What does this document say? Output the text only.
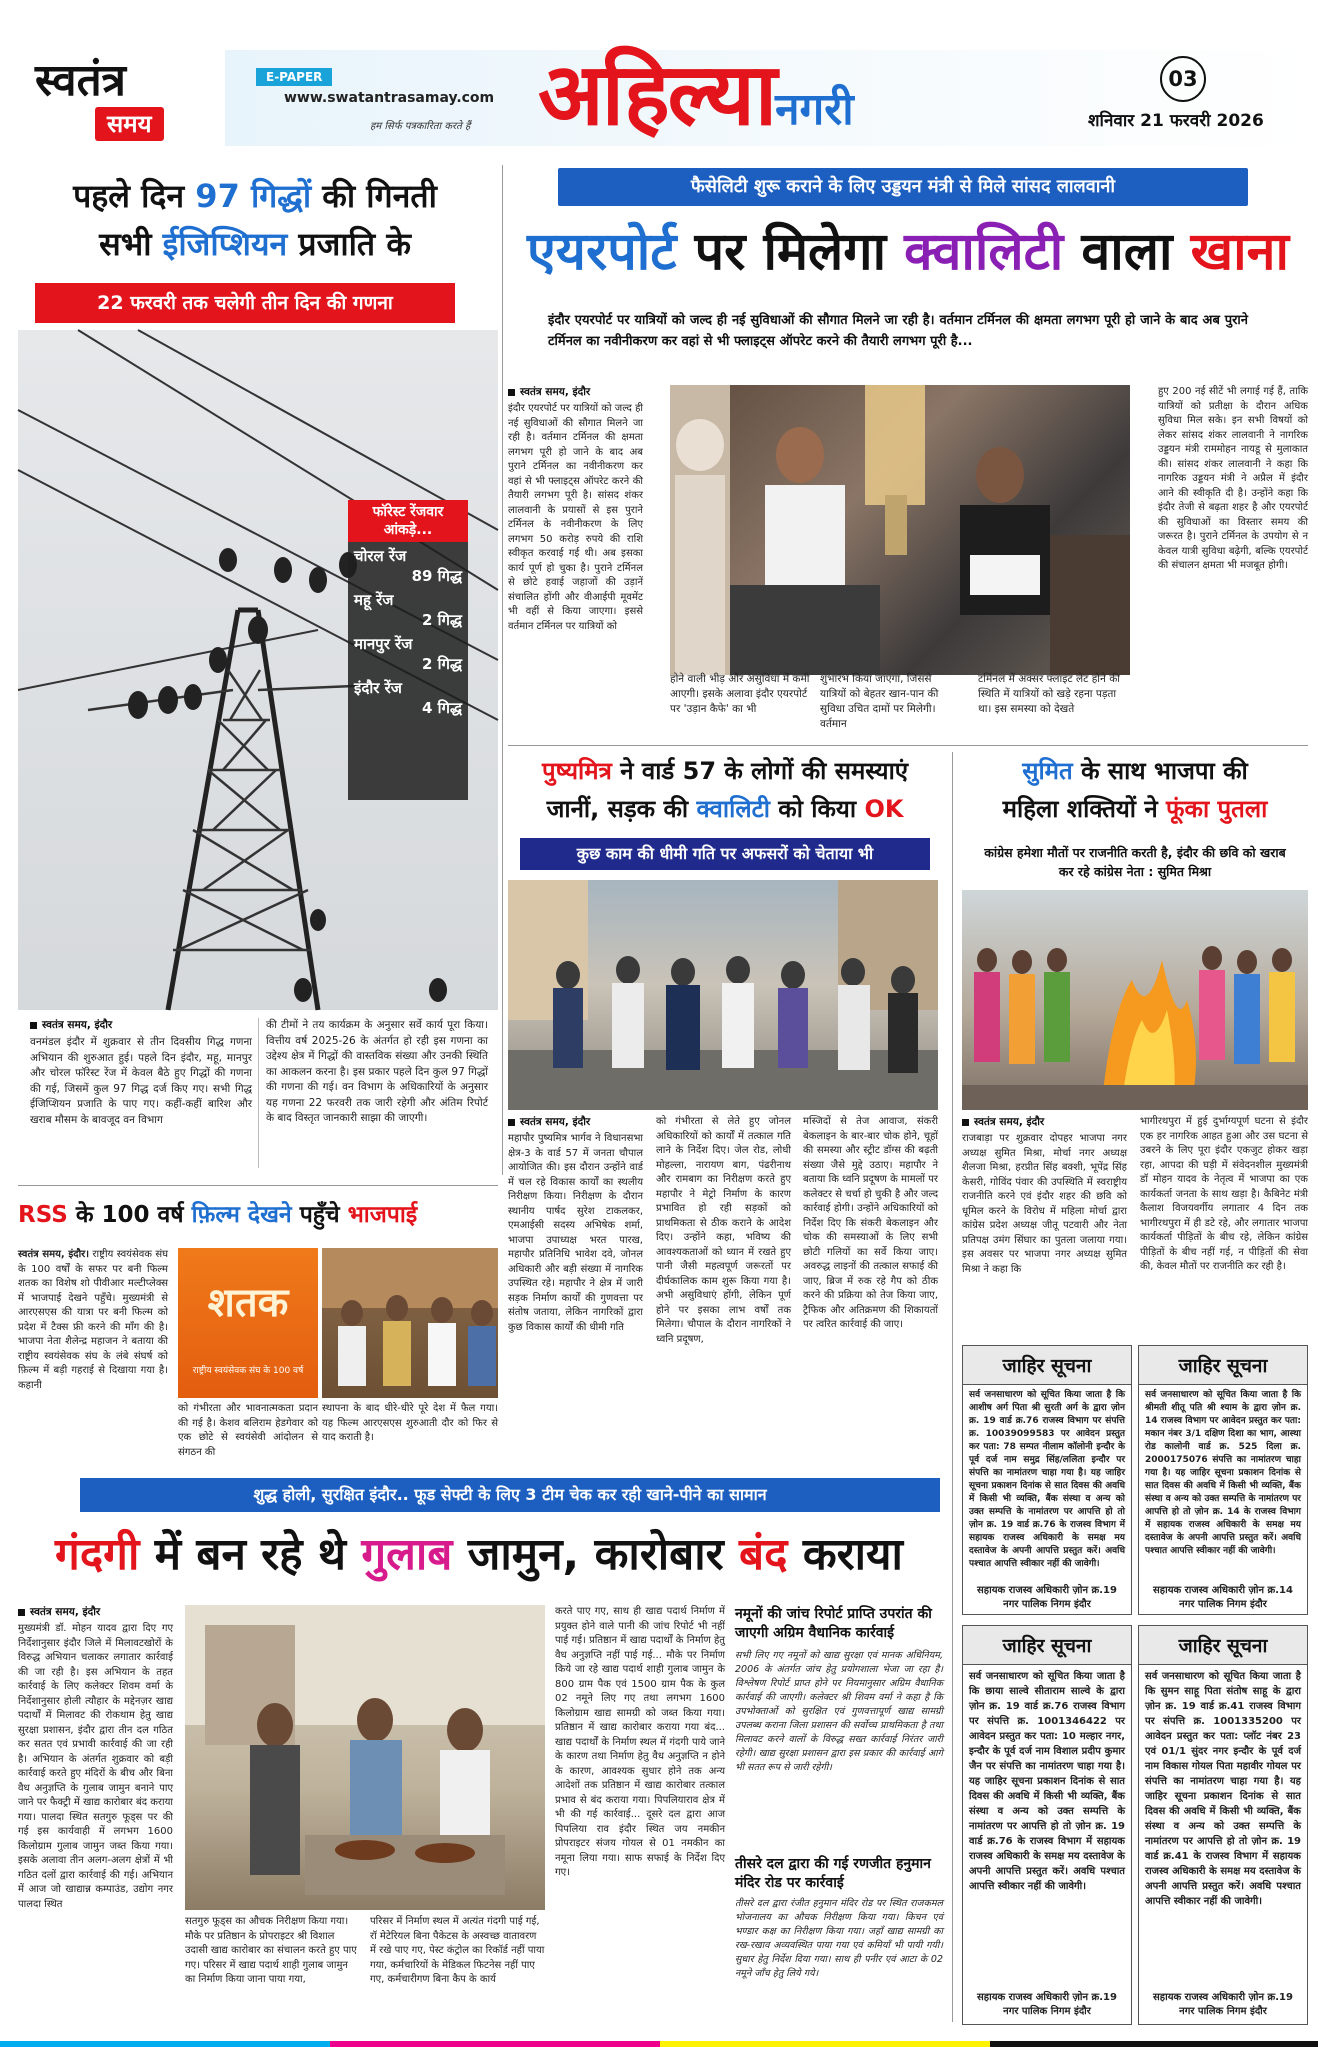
स्वतंत्र
समय
E-PAPER
www.swatantrasamay.com
हम सिर्फ पत्रकारिता करते हैं अहिल्यानगरी
03
शनिवार 21 फरवरी 2026
पहले दिन 97 गिद्धों की गिनती
सभी ईजिप्शियन प्रजाति के
22 फरवरी तक चलेगी तीन दिन की गणना
फॉरेस्ट रेंजवार आंकड़े...
चोरल रेंज
89 गिद्ध
महू रेंज
2 गिद्ध
मानपुर रेंज
2 गिद्ध
इंदौर रेंज
4 गिद्ध
स्वतंत्र समय, इंदौर
वनमंडल इंदौर में शुक्रवार से तीन दिवसीय गिद्ध गणना अभियान की शुरुआत हुई। पहले दिन इंदौर, महू, मानपुर और चोरल फॉरेस्ट रेंज में केवल बैठे हुए गिद्धों की गणना की गई, जिसमें कुल 97 गिद्ध दर्ज किए गए। सभी गिद्ध ईजिप्शियन प्रजाति के पाए गए। कहीं-कहीं बारिश और खराब मौसम के बावजूद वन विभाग
की टीमों ने तय कार्यक्रम के अनुसार सर्वे कार्य पूरा किया। वित्तीय वर्ष 2025-26 के अंतर्गत हो रही इस गणना का उद्देश्य क्षेत्र में गिद्धों की वास्तविक संख्या और उनकी स्थिति का आकलन करना है। इस प्रकार पहले दिन कुल 97 गिद्धों की गणना की गई। वन विभाग के अधिकारियों के अनुसार यह गणना 22 फरवरी तक जारी रहेगी और अंतिम रिपोर्ट के बाद विस्तृत जानकारी साझा की जाएगी।
फैसेलिटी शुरू कराने के लिए उड्डयन मंत्री से मिले सांसद लालवानी
एयरपोर्ट पर मिलेगा क्वालिटी वाला खाना
इंदौर एयरपोर्ट पर यात्रियों को जल्द ही नई सुविधाओं की सौगात मिलने जा रही है। वर्तमान टर्मिनल की क्षमता लगभग पूरी हो जाने के बाद अब पुराने टर्मिनल का नवीनीकरण कर वहां से भी फ्लाइट्स ऑपरेट करने की तैयारी लगभग पूरी है...
स्वतंत्र समय, इंदौर
इंदौर एयरपोर्ट पर यात्रियों को जल्द ही नई सुविधाओं की सौगात मिलने जा रही है। वर्तमान टर्मिनल की क्षमता लगभग पूरी हो जाने के बाद अब पुराने टर्मिनल का नवीनीकरण कर वहां से भी फ्लाइट्स ऑपरेट करने की तैयारी लगभग पूरी है। सांसद शंकर लालवानी के प्रयासों से इस पुराने टर्मिनल के नवीनीकरण के लिए लगभग 50 करोड़ रुपये की राशि स्वीकृत करवाई गई थी। अब इसका कार्य पूर्ण हो चुका है। पुराने टर्मिनल से छोटे हवाई जहाजों की उड़ानें संचालित होंगी और वीआईपी मूवमेंट भी वहीं से किया जाएगा। इससे वर्तमान टर्मिनल पर यात्रियों को
होने वाली भीड़ और असुविधा में कमी आएगी। इसके अलावा इंदौर एयरपोर्ट पर 'उड़ान कैफे' का भी
शुभारंभ किया जाएगा, जिससे यात्रियों को बेहतर खान-पान की सुविधा उचित दामों पर मिलेगी। वर्तमान
टर्मिनल में अक्सर फ्लाइट लेट होने की स्थिति में यात्रियों को खड़े रहना पड़ता था। इस समस्या को देखते
हुए 200 नई सीटें भी लगाई गई हैं, ताकि यात्रियों को प्रतीक्षा के दौरान अधिक सुविधा मिल सके। इन सभी विषयों को लेकर सांसद शंकर लालवानी ने नागरिक उड्डयन मंत्री राममोहन नायडू से मुलाकात की। सांसद शंकर लालवानी ने कहा कि नागरिक उड्डयन मंत्री ने अप्रैल में इंदौर आने की स्वीकृति दी है। उन्होंने कहा कि इंदौर तेजी से बढ़ता शहर है और एयरपोर्ट की सुविधाओं का विस्तार समय की जरूरत है। पुराने टर्मिनल के उपयोग से न केवल यात्री सुविधा बढ़ेगी, बल्कि एयरपोर्ट की संचालन क्षमता भी मजबूत होगी।
पुष्यमित्र ने वार्ड 57 के लोगों की समस्याएं
जानीं, सड़क की क्वालिटी को किया OK
कुछ काम की धीमी गति पर अफसरों को चेताया भी
स्वतंत्र समय, इंदौर
महापौर पुष्यमित्र भार्गव ने विधानसभा क्षेत्र-3 के वार्ड 57 में जनता चौपाल आयोजित की। इस दौरान उन्होंने वार्ड में चल रहे विकास कार्यों का स्थलीय निरीक्षण किया। निरीक्षण के दौरान स्थानीय पार्षद सुरेश टाकलकर, एमआईसी सदस्य अभिषेक शर्मा, भाजपा उपाध्यक्ष भरत पारख, महापौर प्रतिनिधि भावेश दवे, जोनल अधिकारी और बड़ी संख्या में नागरिक उपस्थित रहे। महापौर ने क्षेत्र में जारी सड़क निर्माण कार्यों की गुणवत्ता पर संतोष जताया, लेकिन नागरिकों द्वारा कुछ विकास कार्यों की धीमी गति
को गंभीरता से लेते हुए जोनल अधिकारियों को कार्यों में तत्काल गति लाने के निर्देश दिए। जेल रोड, लोधी मोहल्ला, नारायण बाग, पंढरीनाथ और रामबाग का निरीक्षण करते हुए महापौर ने मेट्रो निर्माण के कारण प्रभावित हो रही सड़कों को प्राथमिकता से ठीक कराने के आदेश दिए। उन्होंने कहा, भविष्य की आवश्यकताओं को ध्यान में रखते हुए पानी जैसी महत्वपूर्ण जरूरतों पर दीर्घकालिक काम शुरू किया गया है। अभी असुविधाएं होंगी, लेकिन पूर्ण होने पर इसका लाभ वर्षों तक मिलेगा। चौपाल के दौरान नागरिकों ने ध्वनि प्रदूषण,
मस्जिदों से तेज आवाज, संकरी बेकलाइन के बार-बार चोक होने, चूहों की समस्या और स्ट्रीट डॉग्स की बढ़ती संख्या जैसे मुद्दे उठाए। महापौर ने बताया कि ध्वनि प्रदूषण के मामलों पर कलेक्टर से चर्चा हो चुकी है और जल्द कार्रवाई होगी। उन्होंने अधिकारियों को निर्देश दिए कि संकरी बेकलाइन और चोक की समस्याओं के लिए सभी छोटी गलियों का सर्वे किया जाए। अवरुद्ध लाइनों की तत्काल सफाई की जाए, ब्रिज में रुक रहे गैप को ठीक करने की प्रक्रिया को तेज किया जाए, ट्रैफिक और अतिक्रमण की शिकायतों पर त्वरित कार्रवाई की जाए।
सुमित के साथ भाजपा की
महिला शक्तियों ने फूंका पुतला
कांग्रेस हमेशा मौतों पर राजनीति करती है, इंदौर की छवि को खराब कर रहे कांग्रेस नेता : सुमित मिश्रा
स्वतंत्र समय, इंदौर
राजबाड़ा पर शुक्रवार दोपहर भाजपा नगर अध्यक्ष सुमित मिश्रा, मोर्चा नगर अध्यक्ष शैलजा मिश्रा, हरप्रीत सिंह बक्शी, भूपेंद्र सिंह केसरी, गोविंद पंवार की उपस्थिति में स्वराष्ट्रीय राजनीति करने एवं इंदौर शहर की छवि को धूमिल करने के विरोध में महिला मोर्चा द्वारा कांग्रेस प्रदेश अध्यक्ष जीतू पटवारी और नेता प्रतिपक्ष उमंग सिंघार का पुतला जलाया गया। इस अवसर पर भाजपा नगर अध्यक्ष सुमित मिश्रा ने कहा कि
भागीरथपुरा में हुई दुर्भाग्यपूर्ण घटना से इंदौर एक हर नागरिक आहत हुआ और उस घटना से उबरने के लिए पूरा इंदौर एकजुट होकर खड़ा रहा, आपदा की घड़ी में संवेदनशील मुख्यमंत्री डॉ मोहन यादव के नेतृत्व में भाजपा का एक कार्यकर्ता जनता के साथ खड़ा है। कैबिनेट मंत्री कैलाश विजयवर्गीय लगातार 4 दिन तक भागीरथपुरा में ही डटे रहे, और लगातार भाजपा कार्यकर्ता पीड़ितों के बीच रहे, लेकिन कांग्रेस पीड़ितों के बीच नहीं गई, न पीड़ितों की सेवा की, केवल मौतों पर राजनीति कर रही है।
RSS के 100 वर्ष फ़िल्म देखने पहुँचे भाजपाई
स्वतंत्र समय, इंदौर। राष्ट्रीय स्वयंसेवक संघ के 100 वर्षों के सफर पर बनी फिल्म शतक का विशेष शो पीवीआर मल्टीप्लेक्स में भाजपाई देखने पहुँचे। मुख्यमंत्री से आरएसएस की यात्रा पर बनी फिल्म को प्रदेश में टैक्स फ्री करने की माँग की है। भाजपा नेता शैलेन्द्र महाजन ने बताया की राष्ट्रीय स्वयंसेवक संघ के लंबे संघर्ष को फ़िल्म में बड़ी गहराई से दिखाया गया है। कहानी
शतक
राष्ट्रीय स्वयंसेवक संघ के 100 वर्ष
को गंभीरता और भावनात्मकता प्रदान की गई है। केशव बलिराम हेडगेवार को एक छोटे से स्वयंसेवी आंदोलन से संगठन की
स्थापना के बाद धीरे-धीरे पूरे देश में फैल गया। यह फिल्म आरएसएस शुरुआती दौर को फिर से याद कराती है।
जाहिर सूचना
सर्व जनसाधारण को सूचित किया जाता है कि आशीष अर्ग पिता श्री सुरती अर्ग के द्वारा ज़ोन क्र. 19 वार्ड क्र.76 राजस्व विभाग पर संपत्ति क्र. 10039099583 पर आवेदन प्रस्तुत कर पता: 78 सम्पत नीलाम कॉलोनी इन्दौर के पूर्व दर्ज नाम समुद्र सिंह/ललिता इन्दौर पर संपत्ति का नामांतरण चाहा गया है। यह जाहिर सूचना प्रकाशन दिनांक से सात दिवस की अवधि में किसी भी व्यक्ति, बैंक संस्था व अन्य को उक्त सम्पत्ति के नामांतरण पर आपत्ति हो तो ज़ोन क्र. 19 वार्ड क्र.76 के राजस्व विभाग में सहायक राजस्व अधिकारी के समक्ष मय दस्तावेज के अपनी आपत्ति प्रस्तुत करें। अवधि पश्चात आपत्ति स्वीकार नहीं की जावेगी।
सहायक राजस्व अधिकारी ज़ोन क्र.19 नगर पालिक निगम इंदौर
जाहिर सूचना
सर्व जनसाधारण को सूचित किया जाता है कि श्रीमती शीतू पति श्री श्याम के द्वारा ज़ोन क्र. 14 राजस्व विभाग पर आवेदन प्रस्तुत कर पता: मकान नंबर 3/1 दक्षिण दिशा का भाग, आस्था रोड कालोनी वार्ड क्र. 525 दिला क्र. 2000175076 संपत्ति का नामांतरण चाहा गया है। यह जाहिर सूचना प्रकाशन दिनांक से सात दिवस की अवधि में किसी भी व्यक्ति, बैंक संस्था व अन्य को उक्त सम्पत्ति के नामांतरण पर आपत्ति हो तो ज़ोन क्र. 14 के राजस्व विभाग में सहायक राजस्व अधिकारी के समक्ष मय दस्तावेज के अपनी आपत्ति प्रस्तुत करें। अवधि पश्चात आपत्ति स्वीकार नहीं की जावेगी।
सहायक राजस्व अधिकारी ज़ोन क्र.14 नगर पालिक निगम इंदौर
जाहिर सूचना
सर्व जनसाधारण को सूचित किया जाता है कि छाया साल्वे सीताराम साल्वे के द्वारा ज़ोन क्र. 19 वार्ड क्र.76 राजस्व विभाग पर संपत्ति क्र. 1001346422 पर आवेदन प्रस्तुत कर पता: 10 मल्हार नगर, इन्दौर के पूर्व दर्ज नाम विशाल प्रदीप कुमार जैन पर संपत्ति का नामांतरण चाहा गया है। यह जाहिर सूचना प्रकाशन दिनांक से सात दिवस की अवधि में किसी भी व्यक्ति, बैंक संस्था व अन्य को उक्त सम्पत्ति के नामांतरण पर आपत्ति हो तो ज़ोन क्र. 19 वार्ड क्र.76 के राजस्व विभाग में सहायक राजस्व अधिकारी के समक्ष मय दस्तावेज के अपनी आपत्ति प्रस्तुत करें। अवधि पश्चात आपत्ति स्वीकार नहीं की जावेगी।
सहायक राजस्व अधिकारी ज़ोन क्र.19 नगर पालिक निगम इंदौर
जाहिर सूचना
सर्व जनसाधारण को सूचित किया जाता है कि सुमन साहू पिता संतोष साहू के द्वारा ज़ोन क्र. 19 वार्ड क्र.41 राजस्व विभाग पर संपत्ति क्र. 1001335200 पर आवेदन प्रस्तुत कर पता: प्लॉट नंबर 23 एवं 01/1 सुंदर नगर इन्दौर के पूर्व दर्ज नाम विकास गोयल पिता महावीर गोयल पर संपत्ति का नामांतरण चाहा गया है। यह जाहिर सूचना प्रकाशन दिनांक से सात दिवस की अवधि में किसी भी व्यक्ति, बैंक संस्था व अन्य को उक्त सम्पत्ति के नामांतरण पर आपत्ति हो तो ज़ोन क्र. 19 वार्ड क्र.41 के राजस्व विभाग में सहायक राजस्व अधिकारी के समक्ष मय दस्तावेज के अपनी आपत्ति प्रस्तुत करें। अवधि पश्चात आपत्ति स्वीकार नहीं की जावेगी।
सहायक राजस्व अधिकारी ज़ोन क्र.19 नगर पालिक निगम इंदौर
शुद्ध होली, सुरक्षित इंदौर.. फूड सेफ्टी के लिए 3 टीम चेक कर रही खाने-पीने का सामान
गंदगी में बन रहे थे गुलाब जामुन, कारोबार बंद कराया
स्वतंत्र समय, इंदौर
मुख्यमंत्री डॉ. मोहन यादव द्वारा दिए गए निर्देशानुसार इंदौर जिले में मिलावटखोरों के विरुद्ध अभियान चलाकर लगातार कार्रवाई की जा रही है। इस अभियान के तहत कार्रवाई के लिए कलेक्टर शिवम वर्मा के निर्देशानुसार होली त्यौहार के मद्देनज़र खाद्य पदार्थों में मिलावट की रोकथाम हेतु खाद्य सुरक्षा प्रशासन, इंदौर द्वारा तीन दल गठित कर सतत एवं प्रभावी कार्रवाई की जा रही है। अभियान के अंतर्गत शुक्रवार को बड़ी कार्रवाई करते हुए मंदिरों के बीच और बिना वैध अनुज्ञप्ति के गुलाब जामुन बनाने पाए जाने पर फैक्ट्री में खाद्य कारोबार बंद कराया गया। पालदा स्थित सतगुरु फूड्स पर की गई इस कार्यवाही में लगभग 1600 किलोग्राम गुलाब जामुन जब्त किया गया। इसके अलावा तीन अलग-अलग क्षेत्रों में भी गठित दलों द्वारा कार्रवाई की गई। अभियान में आज जो खाद्यान्न कम्पाउंड, उद्योग नगर पालदा स्थित
सतगुरु फूड्स का औचक निरीक्षण किया गया। मौके पर प्रतिष्ठान के प्रोपराइटर श्री विशाल उदासी खाद्य कारोबार का संचालन करते हुए पाए गए। परिसर में खाद्य पदार्थ शाही गुलाब जामुन का निर्माण किया जाना पाया गया,
परिसर में निर्माण स्थल में अत्यंत गंदगी पाई गई, रॉ मेटेरियल बिना पैकेटस के अस्वच्छ वातावरण में रखे पाए गए, पेस्ट कंट्रोल का रिकॉर्ड नहीं पाया गया, कर्मचारियों के मेडिकल फिटनेस नहीं पाए गए, कर्मचारीगण बिना कैप के कार्य
करते पाए गए, साथ ही खाद्य पदार्थ निर्माण में प्रयुक्त होने वाले पानी की जांच रिपोर्ट भी नहीं पाई गई। प्रतिष्ठान में खाद्य पदार्थों के निर्माण हेतु वैध अनुज्ञप्ति नहीं पाई गई... मौके पर निर्माण किये जा रहे खाद्य पदार्थ शाही गुलाब जामुन के 800 ग्राम पैक एवं 1500 ग्राम पैक के कुल 02 नमूने लिए गए तथा लगभग 1600 किलोग्राम खाद्य सामग्री को जब्त किया गया। प्रतिष्ठान में खाद्य कारोबार कराया गया बंद... खाद्य पदार्थों के निर्माण स्थल में गंदगी पाये जाने के कारण तथा निर्माण हेतु वैध अनुज्ञप्ति न होने के कारण, आवश्यक सुधार होने तक अन्य आदेशों तक प्रतिष्ठान में खाद्य कारोबार तत्काल प्रभाव से बंद कराया गया। पिपलियाराव क्षेत्र में भी की गई कार्रवाई... दूसरे दल द्वारा आज पिपलिया राव इंदौर स्थित जय नमकीन प्रोपराइटर संजय गोयल से 01 नमकीन का नमूना लिया गया। साफ सफाई के निर्देश दिए गए।
नमूनों की जांच रिपोर्ट प्राप्ति उपरांत की जाएगी अग्रिम वैधानिक कार्रवाई
सभी लिए गए नमूनों को खाद्य सुरक्षा एवं मानक अधिनियम, 2006 के अंतर्गत जांच हेतु प्रयोगशाला भेजा जा रहा है। विश्लेषण रिपोर्ट प्राप्त होने पर नियमानुसार अग्रिम वैधानिक कार्रवाई की जाएगी। कलेक्टर श्री शिवम वर्मा ने कहा है कि उपभोक्ताओं को सुरक्षित एवं गुणवत्तापूर्ण खाद्य सामग्री उपलब्ध कराना जिला प्रशासन की सर्वोच्च प्राथमिकता है तथा मिलावट करने वालों के विरुद्ध सख्त कार्रवाई निरंतर जारी रहेगी। खाद्य सुरक्षा प्रशासन द्वारा इस प्रकार की कार्रवाई आगे भी सतत रूप से जारी रहेगी।
तीसरे दल द्वारा की गई रणजीत हनुमान मंदिर रोड पर कार्रवाई
तीसरे दल द्वारा रंजीत हनुमान मंदिर रोड पर स्थित राजकमल भोजनालय का औचक निरीक्षण किया गया। किचन एवं भण्डार कक्ष का निरीक्षण किया गया। जहाँ खाद्य सामग्री का रख-रखाव अव्यवस्थित पाया गया एवं कमियाँ भी पायी गयी। सुधार हेतु निर्देश दिया गया। साथ ही पनीर एवं आटा के 02 नमूने जाँच हेतु लिये गये।
